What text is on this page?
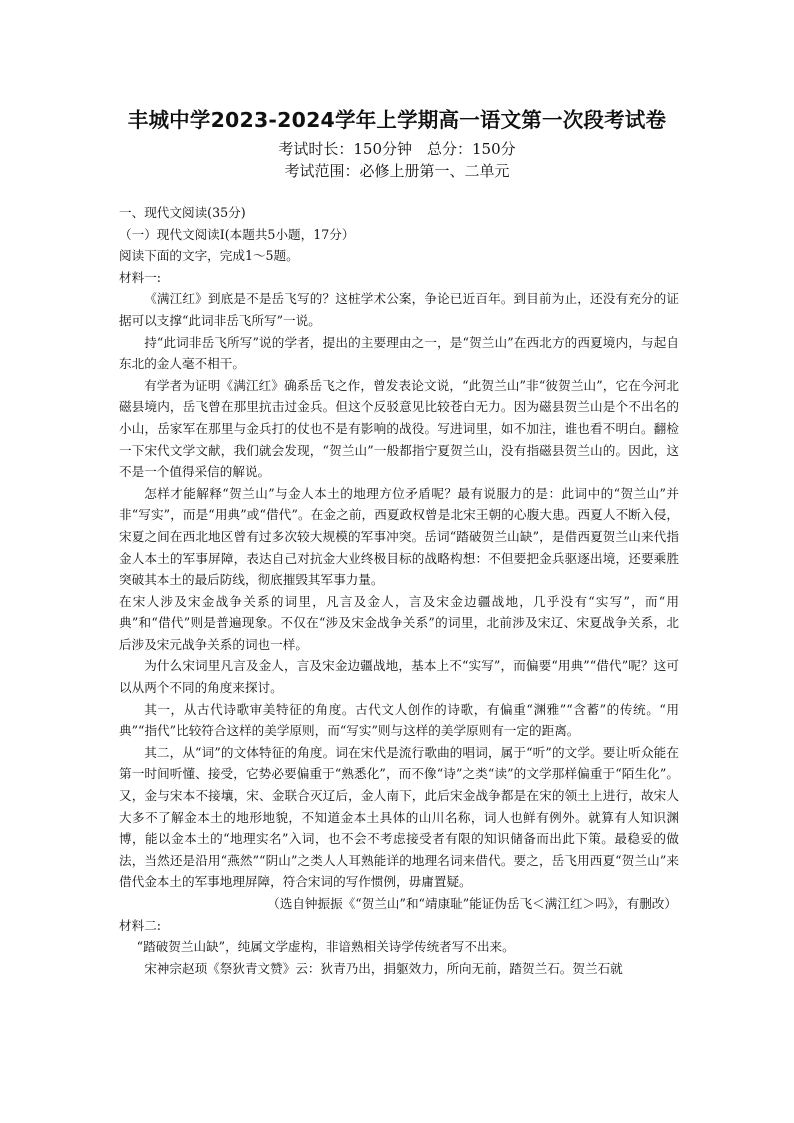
丰城中学2023-2024学年上学期高一语文第一次段考试卷

考试时长：150分钟　总分：150分

考试范围：必修上册第一、二单元

一、现代文阅读(35分)

（一）现代文阅读Ⅰ(本题共5小题，17分）

阅读下面的文字，完成1～5题。

材料一:

《满江红》到底是不是岳飞写的？这桩学术公案，争论已近百年。到目前为止，还没有充分的证据可以支撑“此词非岳飞所写”一说。

持“此词非岳飞所写”说的学者，提出的主要理由之一，是“贺兰山”在西北方的西夏境内，与起自东北的金人毫不相干。

有学者为证明《满江红》确系岳飞之作，曾发表论文说，“此贺兰山”非“彼贺兰山”，它在今河北磁县境内，岳飞曾在那里抗击过金兵。但这个反驳意见比较苍白无力。因为磁县贺兰山是个不出名的小山，岳家军在那里与金兵打的仗也不是有影响的战役。写进词里，如不加注，谁也看不明白。翻检一下宋代文学文献，我们就会发现，“贺兰山”一般都指宁夏贺兰山，没有指磁县贺兰山的。因此，这不是一个值得采信的解说。

怎样才能解释“贺兰山”与金人本土的地理方位矛盾呢？最有说服力的是：此词中的“贺兰山”并非“写实”，而是“用典”或“借代”。在金之前，西夏政权曾是北宋王朝的心腹大患。西夏人不断入侵，宋夏之间在西北地区曾有过多次较大规模的军事冲突。岳词“踏破贺兰山缺”，是借西夏贺兰山来代指金人本土的军事屏障，表达自己对抗金大业终极目标的战略构想：不但要把金兵驱逐出境，还要乘胜突破其本土的最后防线，彻底摧毁其军事力量。

在宋人涉及宋金战争关系的词里，凡言及金人，言及宋金边疆战地，几乎没有“实写”，而“用典”和“借代”则是普遍现象。不仅在“涉及宋金战争关系”的词里，北前涉及宋辽、宋夏战争关系，北后涉及宋元战争关系的词也一样。

为什么宋词里凡言及金人，言及宋金边疆战地，基本上不“实写”，而偏要“用典”“借代”呢？这可以从两个不同的角度来探讨。

其一，从古代诗歌审美特征的角度。古代文人创作的诗歌，有偏重“渊雅”“含蓄”的传统。“用典”“指代”比较符合这样的美学原则，而“写实”则与这样的美学原则有一定的距离。

其二，从“词”的文体特征的角度。词在宋代是流行歌曲的唱词，属于“听”的文学。要让听众能在第一时间听懂、接受，它势必要偏重于“熟悉化”，而不像“诗”之类“读”的文学那样偏重于“陌生化”。又，金与宋本不接壤，宋、金联合灭辽后，金人南下，此后宋金战争都是在宋的领土上进行，故宋人大多不了解金本土的地形地貌，不知道金本土具体的山川名称，词人也鲜有例外。就算有人知识渊博，能以金本土的“地理实名”入词，也不会不考虑接受者有限的知识储备而出此下策。最稳妥的做法，当然还是沿用“燕然”“阴山”之类人人耳熟能详的地理名词来借代。要之，岳飞用西夏“贺兰山”来借代金本土的军事地理屏障，符合宋词的写作惯例，毋庸置疑。

（选自钟振振《“贺兰山”和“靖康耻”能证伪岳飞＜满江红＞吗》，有删改）

材料二:

“踏破贺兰山缺”，纯属文学虚构，非谙熟相关诗学传统者写不出来。

宋神宗赵顼《祭狄青文赞》云：狄青乃出，捐躯效力，所向无前，踏贺兰石。贺兰石就
